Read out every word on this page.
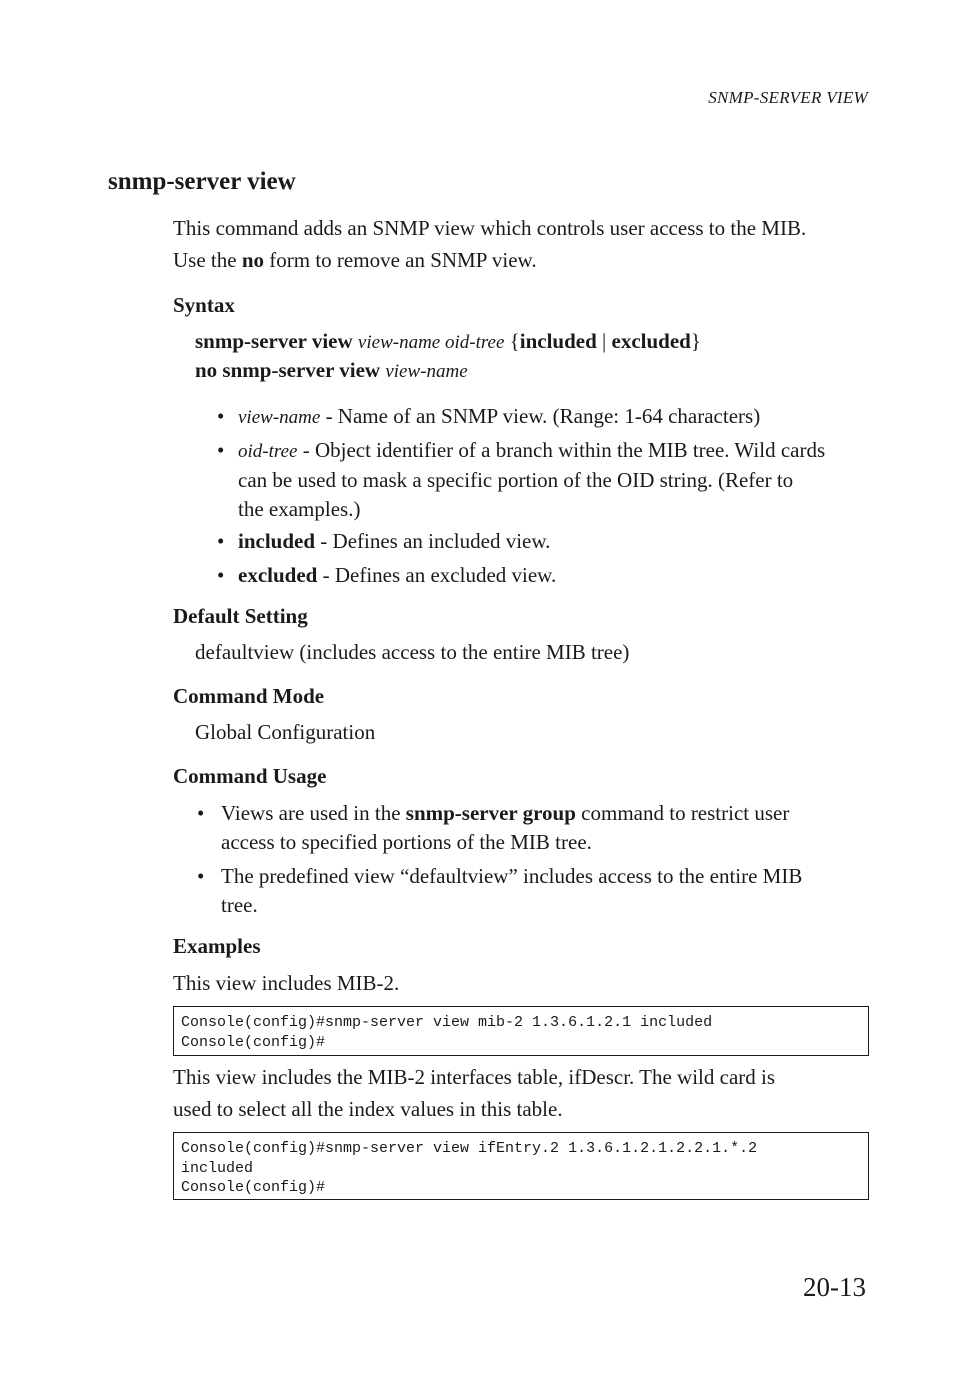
SNMP-SERVER VIEW
snmp-server view
This command adds an SNMP view which controls user access to the MIB.
Use the no form to remove an SNMP view.
Syntax
snmp-server view view-name oid-tree {included | excluded}
no snmp-server view view-name
• view-name - Name of an SNMP view. (Range: 1-64 characters)
• oid-tree - Object identifier of a branch within the MIB tree. Wild cards
can be used to mask a specific portion of the OID string. (Refer to
the examples.)
• included - Defines an included view.
• excluded - Defines an excluded view.
Default Setting
defaultview (includes access to the entire MIB tree)
Command Mode
Global Configuration
Command Usage
• Views are used in the snmp-server group command to restrict user
access to specified portions of the MIB tree.
• The predefined view “defaultview” includes access to the entire MIB
tree.
Examples
This view includes MIB-2.
Console(config)#snmp-server view mib-2 1.3.6.1.2.1 included
Console(config)#
This view includes the MIB-2 interfaces table, ifDescr. The wild card is
used to select all the index values in this table.
Console(config)#snmp-server view ifEntry.2 1.3.6.1.2.1.2.2.1.*.2
included
Console(config)#
20-13
